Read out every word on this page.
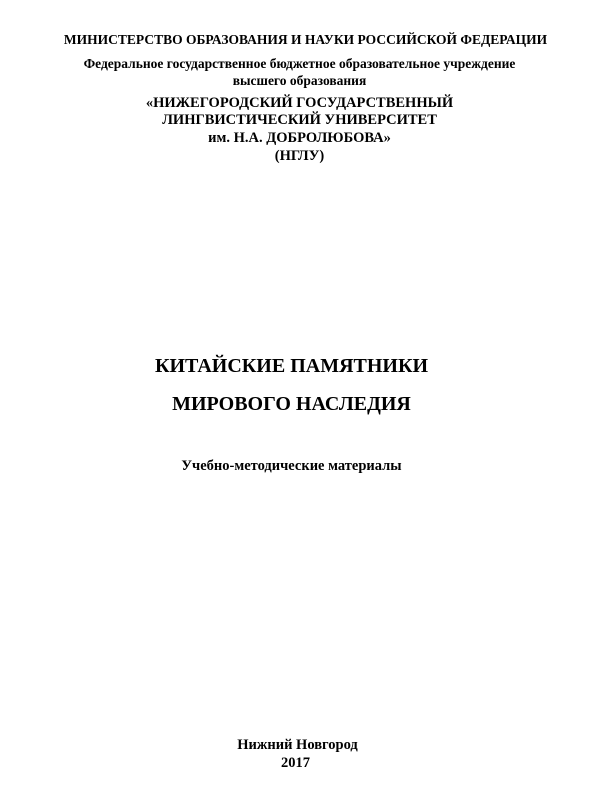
МИНИСТЕРСТВО ОБРАЗОВАНИЯ И НАУКИ РОССИЙСКОЙ ФЕДЕРАЦИИ
Федеральное государственное бюджетное образовательное учреждение
высшего образования
«НИЖЕГОРОДСКИЙ ГОСУДАРСТВЕННЫЙ
ЛИНГВИСТИЧЕСКИЙ УНИВЕРСИТЕТ
им. Н.А. ДОБРОЛЮБОВА»
(НГЛУ)
КИТАЙСКИЕ ПАМЯТНИКИ
МИРОВОГО НАСЛЕДИЯ
Учебно-методические материалы
Нижний Новгород
2017
